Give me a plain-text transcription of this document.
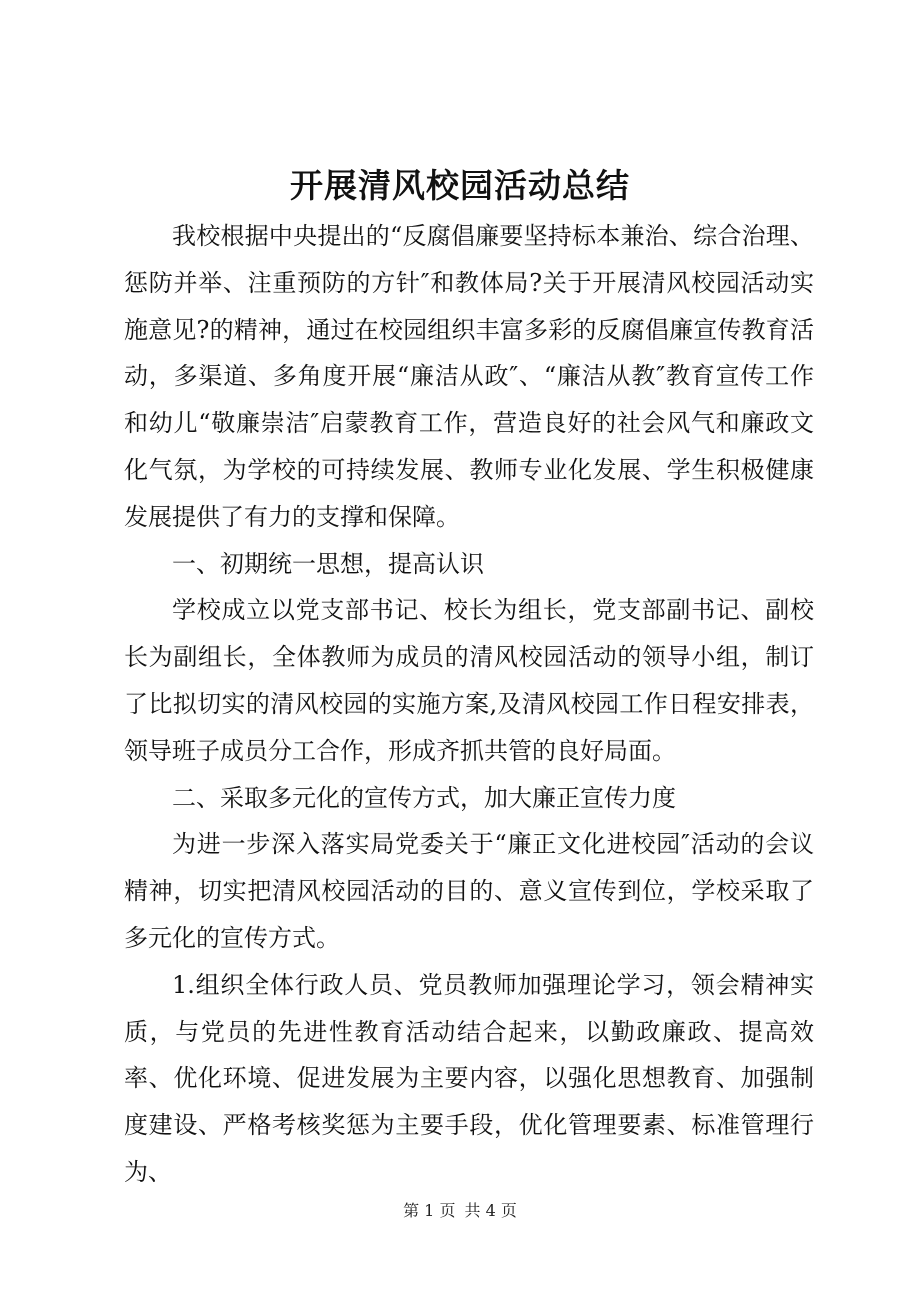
开展清风校园活动总结

我校根据中央提出的“反腐倡廉要坚持标本兼治、综合治理、惩防并举、注重预防的方针″和教体局?关于开展清风校园活动实施意见?的精神，通过在校园组织丰富多彩的反腐倡廉宣传教育活动，多渠道、多角度开展“廉洁从政″、“廉洁从教″教育宣传工作和幼儿“敬廉崇洁″启蒙教育工作，营造良好的社会风气和廉政文化气氛，为学校的可持续发展、教师专业化发展、学生积极健康发展提供了有力的支撑和保障。

一、初期统一思想，提高认识

学校成立以党支部书记、校长为组长，党支部副书记、副校长为副组长，全体教师为成员的清风校园活动的领导小组，制订了比拟切实的清风校园的实施方案,及清风校园工作日程安排表，领导班子成员分工合作，形成齐抓共管的良好局面。

二、采取多元化的宣传方式，加大廉正宣传力度

为进一步深入落实局党委关于“廉正文化进校园″活动的会议精神，切实把清风校园活动的目的、意义宣传到位，学校采取了多元化的宣传方式。

1.组织全体行政人员、党员教师加强理论学习，领会精神实质，与党员的先进性教育活动结合起来，以勤政廉政、提高效率、优化环境、促进发展为主要内容，以强化思想教育、加强制度建设、严格考核奖惩为主要手段，优化管理要素、标准管理行为、

第 1 页 共 4 页
